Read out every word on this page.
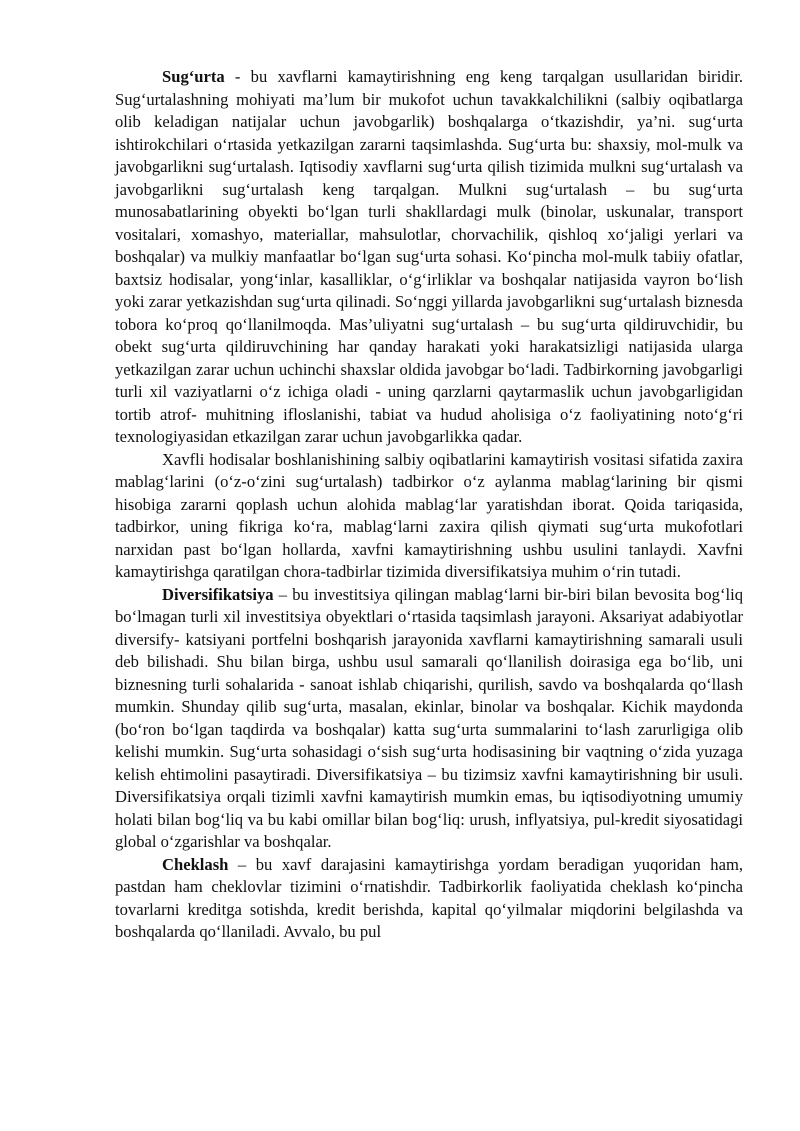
Sug‘urta - bu xavflarni kamaytirishning eng keng tarqalgan usullaridan biridir. Sug‘urtalashning mohiyati ma’lum bir mukofot uchun tavakkalchilikni (salbiy oqibatlarga olib keladigan natijalar uchun javobgarlik) boshqalarga o‘tkazishdir, ya’ni. sug‘urta ishtirokchilari o‘rtasida yetkazilgan zararni taqsimlashda. Sug‘urta bu: shaxsiy, mol-mulk va javobgarlikni sug‘urtalash. Iqtisodiy xavflarni sug‘urta qilish tizimida mulkni sug‘urtalash va javobgarlikni sug‘urtalash keng tarqalgan. Mulkni sug‘urtalash – bu sug‘urta munosabatlarining obyekti bo‘lgan turli shakllardagi mulk (binolar, uskunalar, transport vositalari, xomashyo, materiallar, mahsulotlar, chorvachilik, qishloq xo‘jaligi yerlari va boshqalar) va mulkiy manfaatlar bo‘lgan sug‘urta sohasi. Ko‘pincha mol-mulk tabiiy ofatlar, baxtsiz hodisalar, yong‘inlar, kasalliklar, o‘g‘irliklar va boshqalar natijasida vayron bo‘lish yoki zarar yetkazishdan sug‘urta qilinadi. So‘nggi yillarda javobgarlikni sug‘urtalash biznesda tobora ko‘proq qo‘llanilmoqda. Mas’uliyatni sug‘urtalash – bu sug‘urta qildiruvchidir, bu obekt sug‘urta qildiruvchining har qanday harakati yoki harakatsizligi natijasida ularga yetkazilgan zarar uchun uchinchi shaxslar oldida javobgar bo‘ladi. Tadbirkorning javobgarligi turli xil vaziyatlarni o‘z ichiga oladi - uning qarzlarni qaytarmaslik uchun javobgarligidan tortib atrof- muhitning ifloslanishi, tabiat va hudud aholisiga o‘z faoliyatining noto‘g‘ri texnologiyasidan etkazilgan zarar uchun javobgarlikka qadar.

Xavfli hodisalar boshlanishining salbiy oqibatlarini kamaytirish vositasi sifatida zaxira mablag‘larini (o‘z-o‘zini sug‘urtalash) tadbirkor o‘z aylanma mablag‘larining bir qismi hisobiga zararni qoplash uchun alohida mablag‘lar yaratishdan iborat. Qoida tariqasida, tadbirkor, uning fikriga ko‘ra, mablag‘larni zaxira qilish qiymati sug‘urta mukofotlari narxidan past bo‘lgan hollarda, xavfni kamaytirishning ushbu usulini tanlaydi. Xavfni kamaytirishga qaratilgan chora-tadbirlar tizimida diversifikatsiya muhim o‘rin tutadi.

Diversifikatsiya – bu investitsiya qilingan mablag‘larni bir-biri bilan bevosita bog‘liq bo‘lmagan turli xil investitsiya obyektlari o‘rtasida taqsimlash jarayoni. Aksariyat adabiyotlar diversify- katsiyani portfelni boshqarish jarayonida xavflarni kamaytirishning samarali usuli deb bilishadi. Shu bilan birga, ushbu usul samarali qo‘llanilish doirasiga ega bo‘lib, uni biznesning turli sohalarida - sanoat ishlab chiqarishi, qurilish, savdo va boshqalarda qo‘llash mumkin. Shunday qilib sug‘urta, masalan, ekinlar, binolar va boshqalar. Kichik maydonda (bo‘ron bo‘lgan taqdirda va boshqalar) katta sug‘urta summalarini to‘lash zarurligiga olib kelishi mumkin. Sug‘urta sohasidagi o‘sish sug‘urta hodisasining bir vaqtning o‘zida yuzaga kelish ehtimolini pasaytiradi. Diversifikatsiya – bu tizimsiz xavfni kamaytirishning bir usuli. Diversifikatsiya orqali tizimli xavfni kamaytirish mumkin emas, bu iqtisodiyotning umumiy holati bilan bog‘liq va bu kabi omillar bilan bog‘liq: urush, inflyatsiya, pul-kredit siyosatidagi global o‘zgarishlar va boshqalar.

Cheklash – bu xavf darajasini kamaytirishga yordam beradigan yuqoridan ham, pastdan ham cheklovlar tizimini o‘rnatishdir. Tadbirkorlik faoliyatida cheklash ko‘pincha tovarlarni kreditga sotishda, kredit berishda, kapital qo‘yilmalar miqdorini belgilashda va boshqalarda qo‘llaniladi. Avvalo, bu pul
